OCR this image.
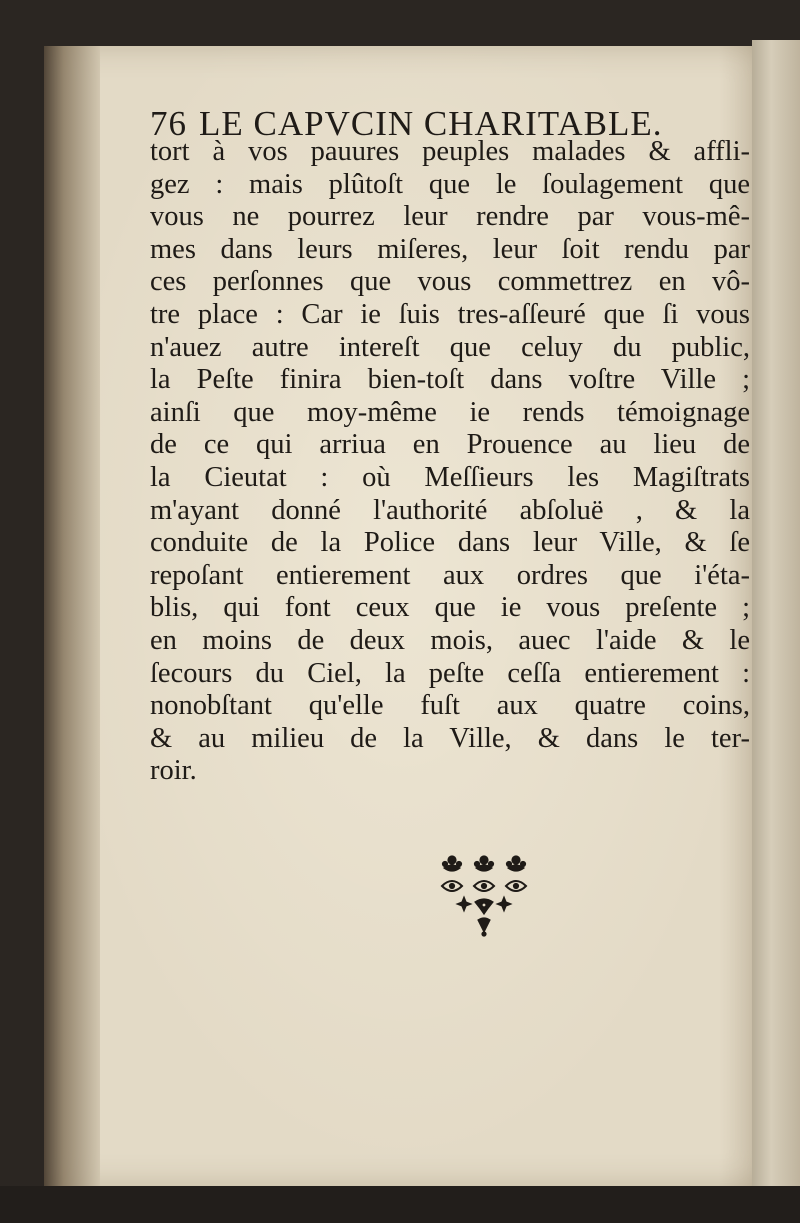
76 LE CAPVCIN CHARITABLE.
tort à vos pauures peuples malades & affli-
gez : mais plûtoſt que le ſoulagement que
vous ne pourrez leur rendre par vous-mê-
mes dans leurs miſeres, leur ſoit rendu par
ces perſonnes que vous commettrez en vô-
tre place : Car ie ſuis tres-aſſeuré que ſi vous
n'auez autre intereſt que celuy du public,
la Peſte finira bien-toſt dans voſtre Ville ;
ainſi que moy-même ie rends témoignage
de ce qui arriua en Prouence au lieu de
la Cieutat : où Meſſieurs les Magiſtrats
m'ayant donné l'authorité abſoluë , & la
conduite de la Police dans leur Ville, & ſe
repoſant entierement aux ordres que i'éta-
blis, qui font ceux que ie vous preſente ;
en moins de deux mois, auec l'aide & le
ſecours du Ciel, la peſte ceſſa entierement :
nonobſtant qu'elle fuſt aux quatre coins,
& au milieu de la Ville, & dans le ter-
roir.
